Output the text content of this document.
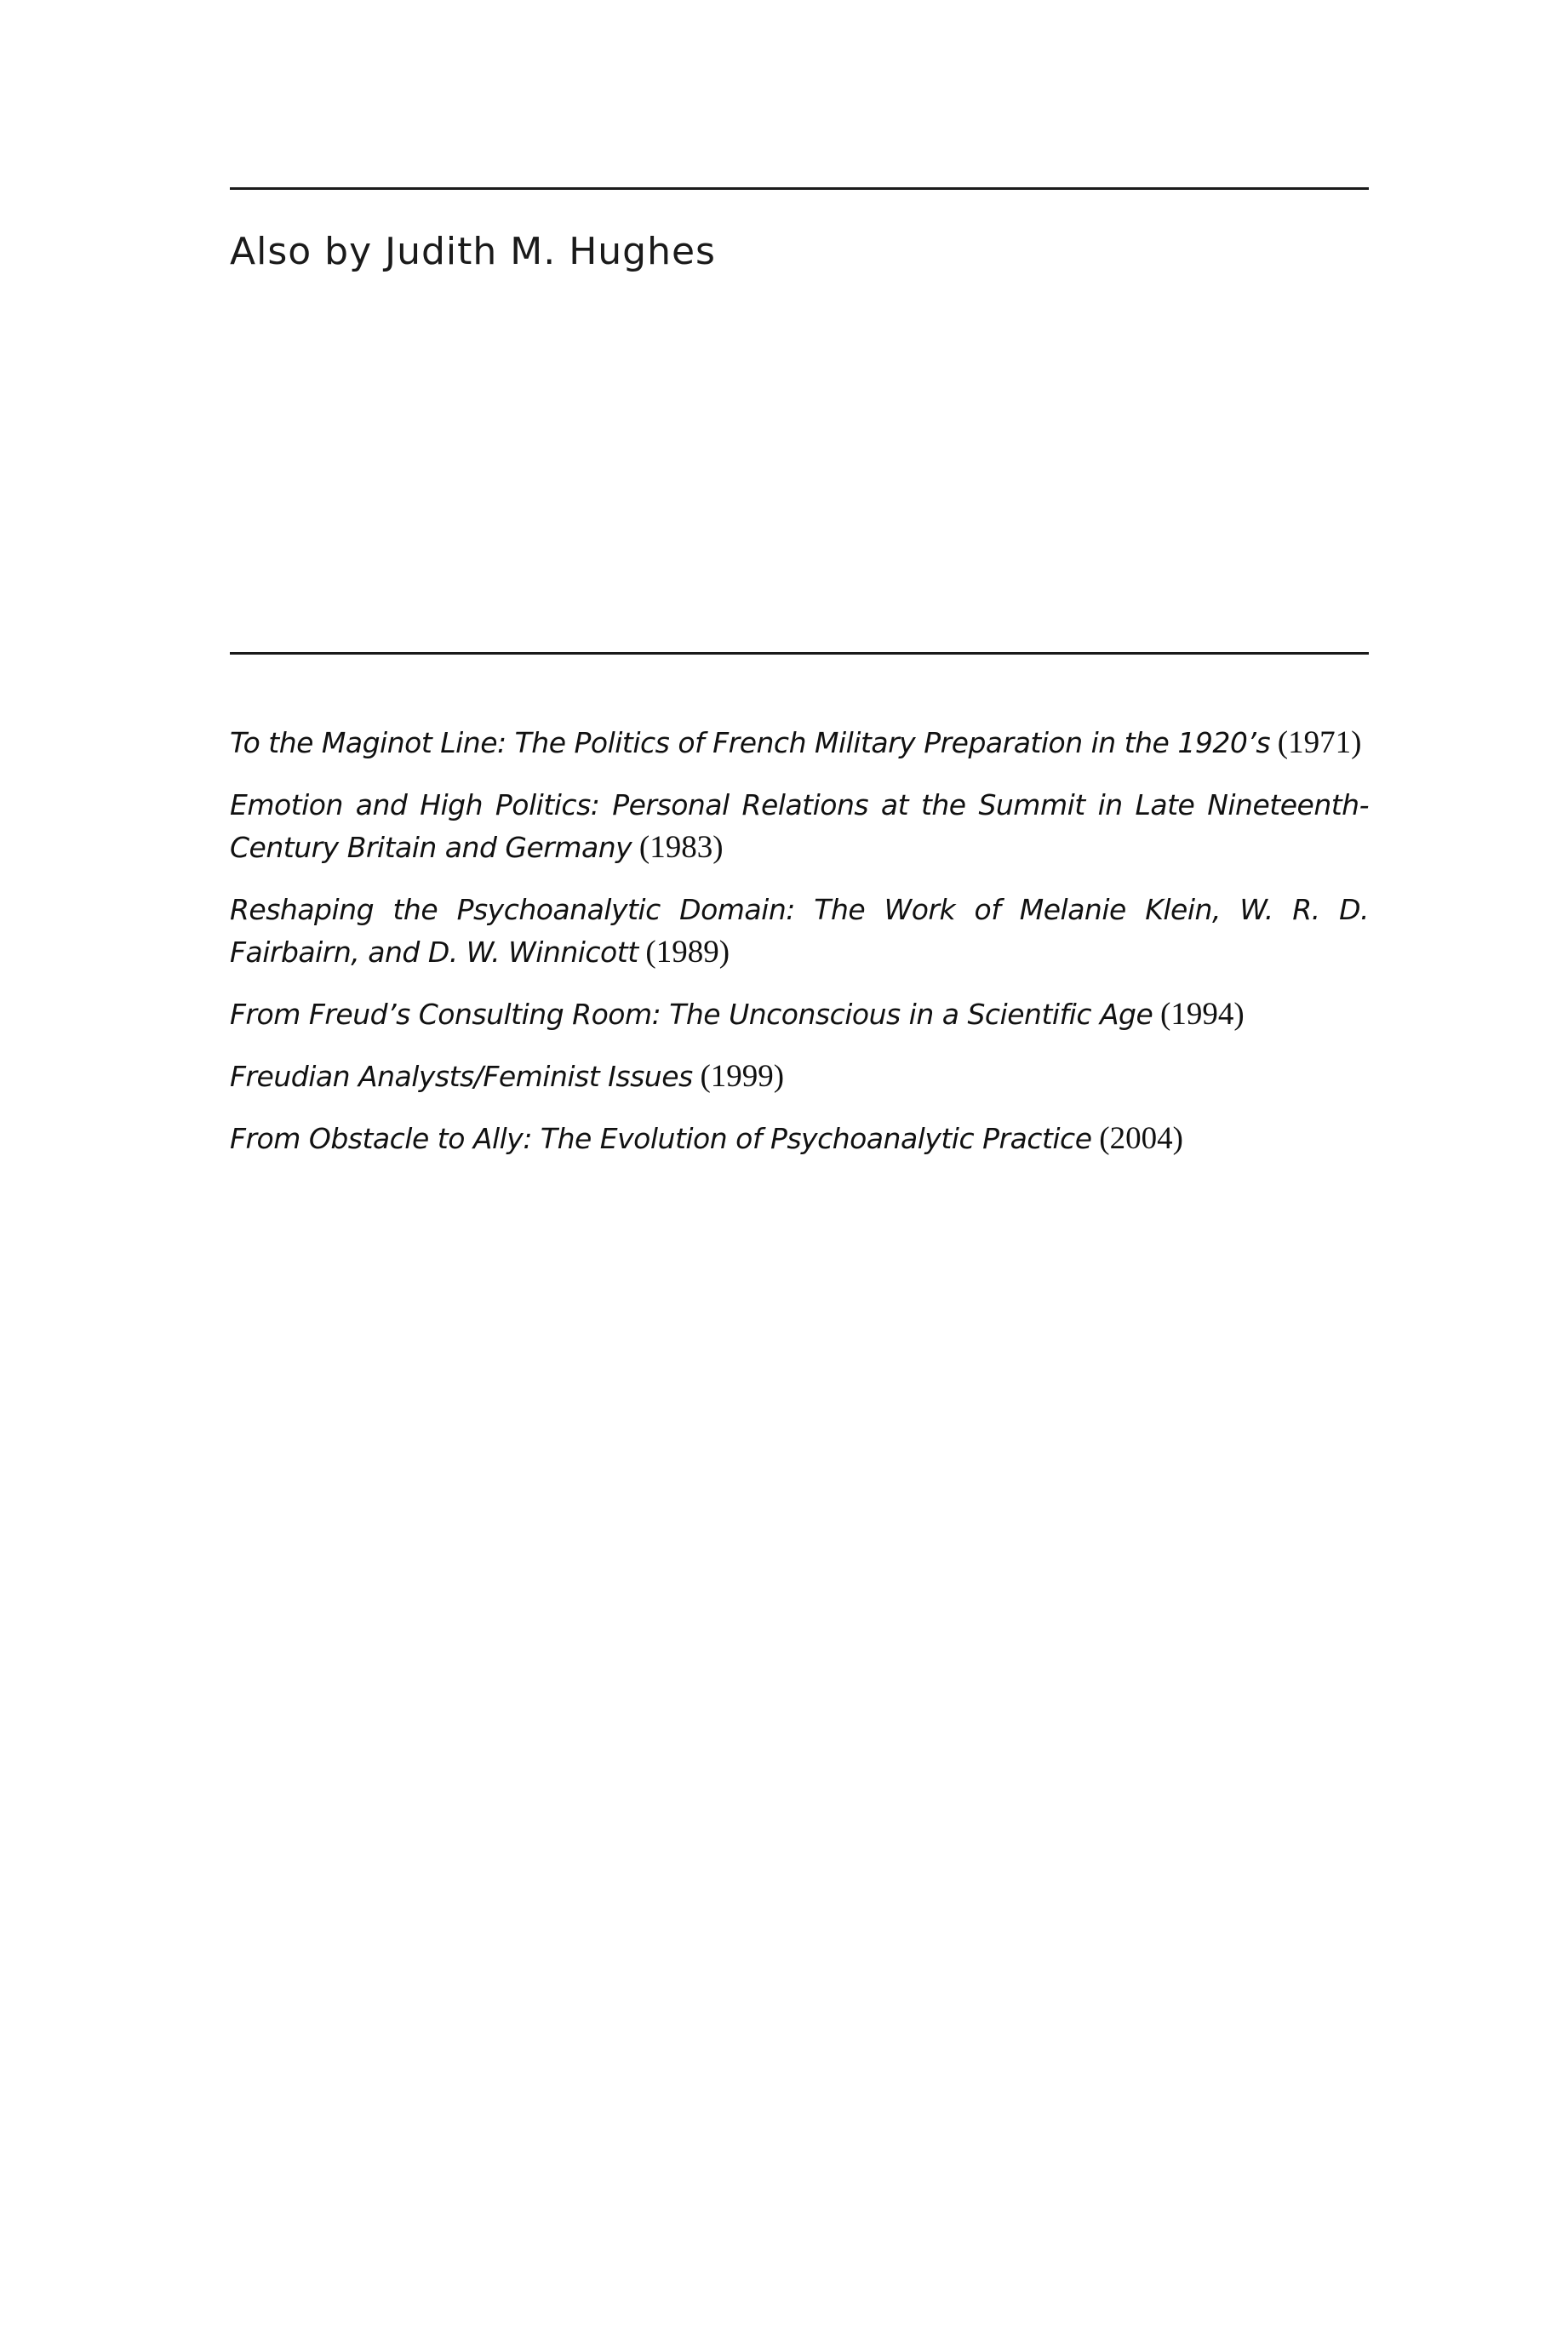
Also by Judith M. Hughes
To the Maginot Line: The Politics of French Military Preparation in the 1920’s (1971)
Emotion and High Politics: Personal Relations at the Summit in Late Nineteenth-Century Britain and Germany (1983)
Reshaping the Psychoanalytic Domain: The Work of Melanie Klein, W. R. D. Fairbairn, and D. W. Winnicott (1989)
From Freud’s Consulting Room: The Unconscious in a Scientific Age (1994)
Freudian Analysts/Feminist Issues (1999)
From Obstacle to Ally: The Evolution of Psychoanalytic Practice (2004)
